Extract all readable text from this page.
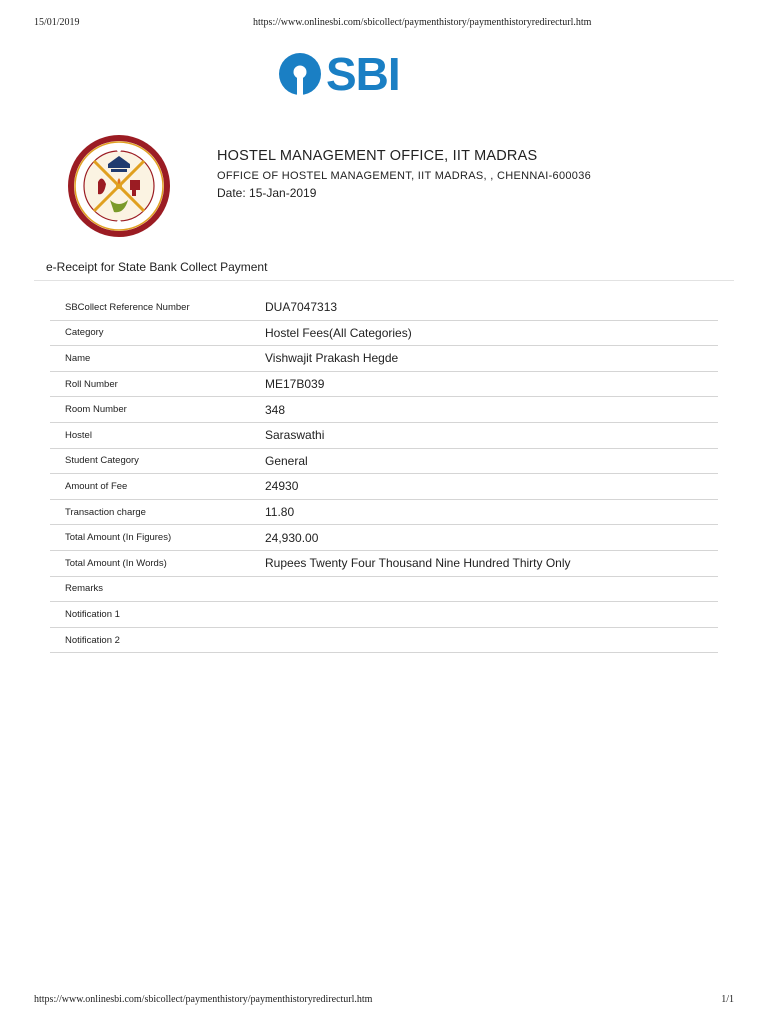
15/01/2019	https://www.onlinesbi.com/sbicollect/paymenthistory/paymenthistoryredirecturl.htm
SBI
HOSTEL MANAGEMENT OFFICE, IIT MADRAS
OFFICE OF HOSTEL MANAGEMENT, IIT MADRAS, , CHENNAI-600036
Date: 15-Jan-2019
e-Receipt for State Bank Collect Payment
SBCollect Reference Number	DUA7047313
Category	Hostel Fees(All Categories)
Name	Vishwajit Prakash Hegde
Roll Number	ME17B039
Room Number	348
Hostel	Saraswathi
Student Category	General
Amount of Fee	24930
Transaction charge	11.80
Total Amount (In Figures)	24,930.00
Total Amount (In Words)	Rupees Twenty Four Thousand Nine Hundred Thirty Only
Remarks	
Notification 1	
Notification 2	
https://www.onlinesbi.com/sbicollect/paymenthistory/paymenthistoryredirecturl.htm	1/1
